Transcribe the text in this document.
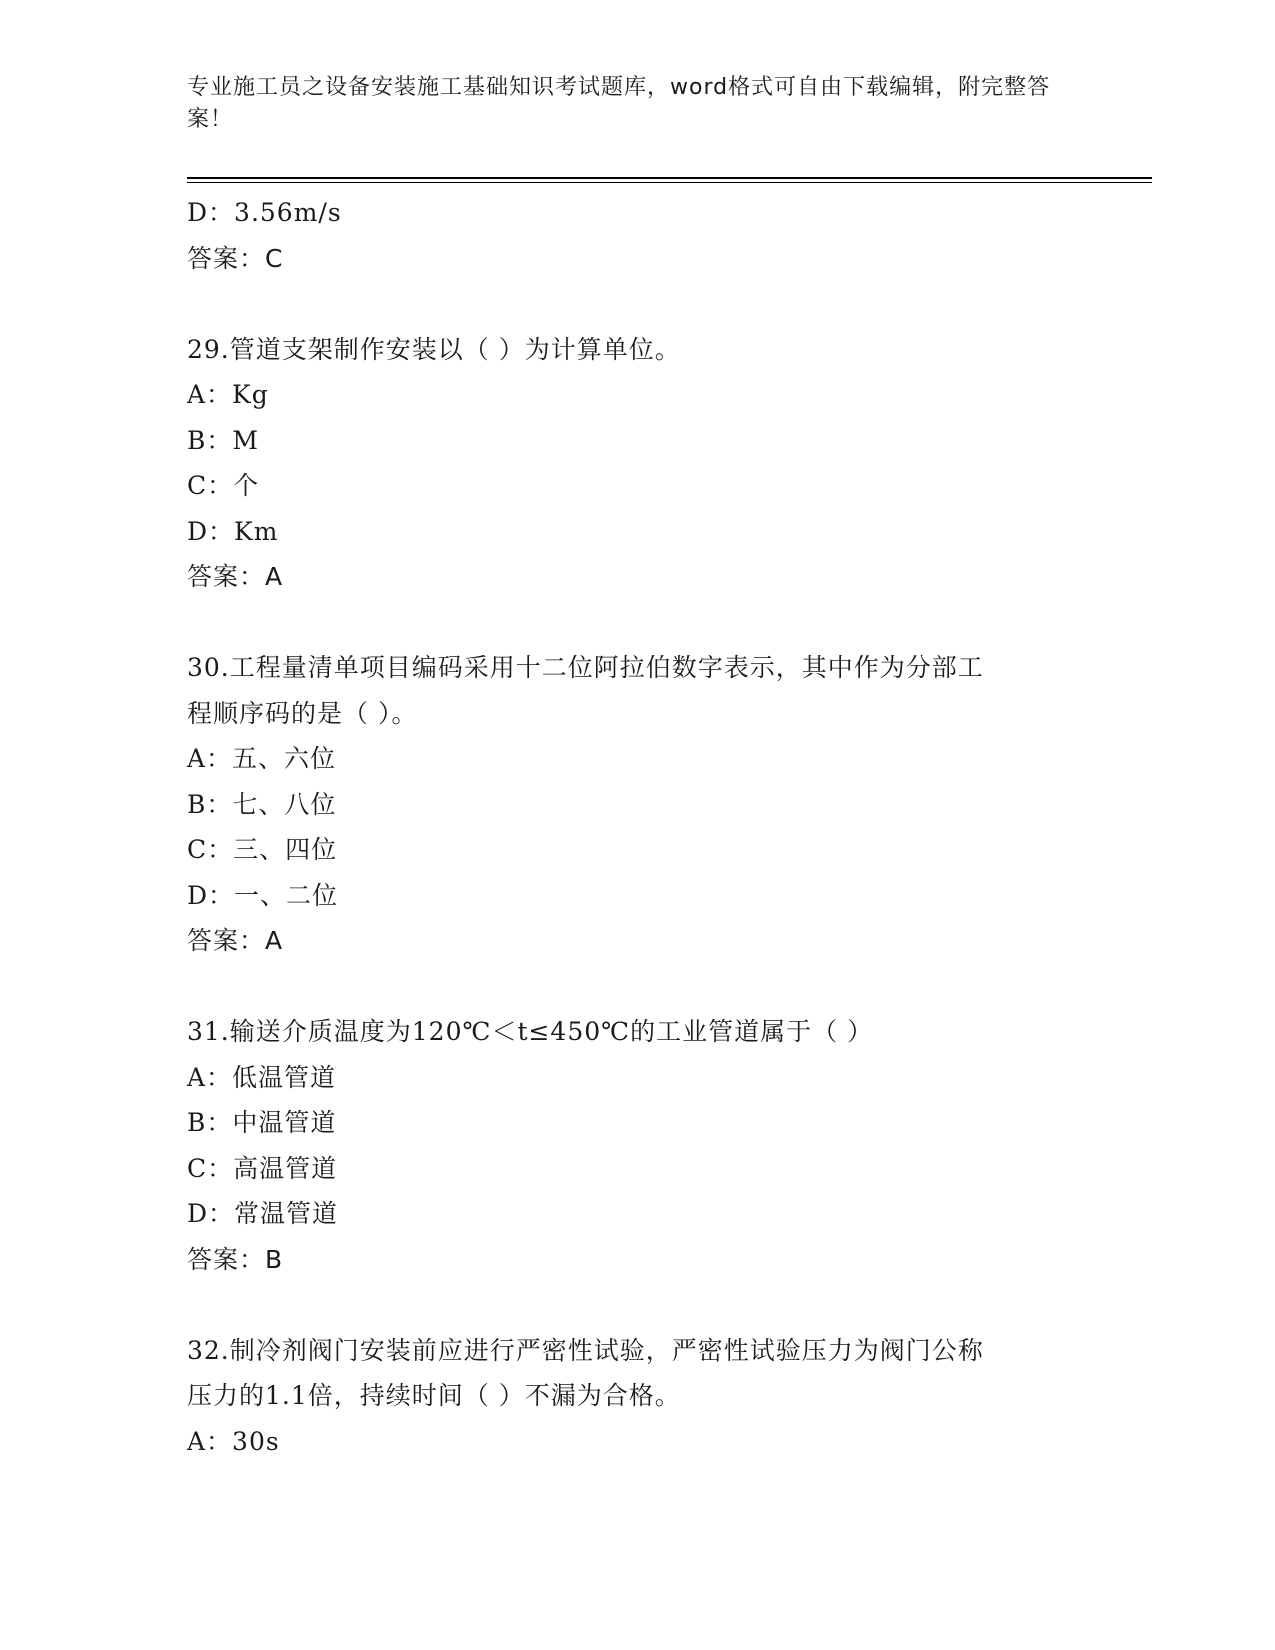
专业施工员之设备安装施工基础知识考试题库，word格式可自由下载编辑，附完整答案！
D：3.56m/s
答案：C
29.管道支架制作安装以（ ）为计算单位。
A：Kg
B：M
C：个
D：Km
答案：A
30.工程量清单项目编码采用十二位阿拉伯数字表示，其中作为分部工
程顺序码的是（ ）。
A：五、六位
B：七、八位
C：三、四位
D：一、二位
答案：A
31.输送介质温度为120℃＜t≤450℃的工业管道属于（ ）
A：低温管道
B：中温管道
C：高温管道
D：常温管道
答案：B
32.制冷剂阀门安装前应进行严密性试验，严密性试验压力为阀门公称
压力的1.1倍，持续时间（ ）不漏为合格。
A：30s
